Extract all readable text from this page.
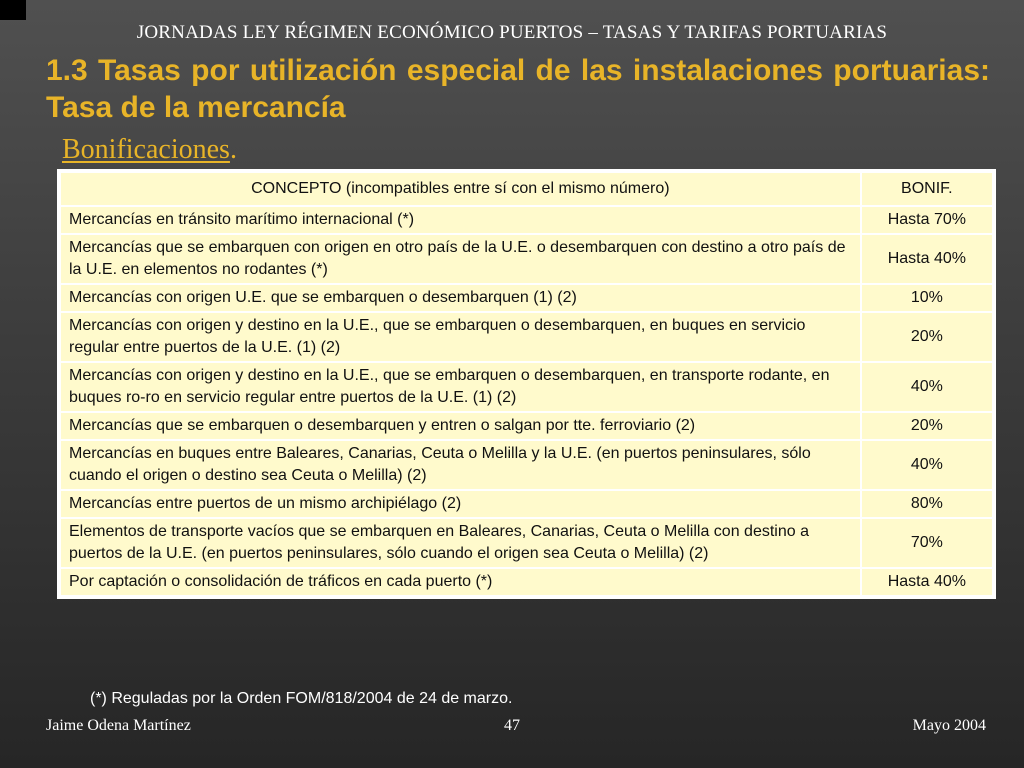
JORNADAS LEY RÉGIMEN ECONÓMICO PUERTOS – TASAS Y TARIFAS PORTUARIAS
1.3 Tasas por utilización especial de las instalaciones portuarias: Tasa de la mercancía
Bonificaciones.
CONCEPTO (incompatibles entre sí con el mismo número)	BONIF.
Mercancías en tránsito marítimo internacional (*)	Hasta 70%
Mercancías que se embarquen con origen en otro país de la U.E. o desembarquen con destino a otro país de la U.E. en elementos no rodantes (*)	Hasta 40%
Mercancías con origen U.E. que se embarquen o desembarquen (1) (2)	10%
Mercancías con origen y destino en la U.E., que se embarquen o desembarquen, en buques en servicio regular entre puertos de la U.E. (1) (2)	20%
Mercancías con origen y destino en la U.E., que se embarquen o desembarquen, en transporte rodante, en buques ro-ro en servicio regular entre puertos de la U.E. (1) (2)	40%
Mercancías que se embarquen o desembarquen y entren o salgan por tte. ferroviario (2)	20%
Mercancías en buques entre Baleares, Canarias, Ceuta o Melilla y la U.E. (en puertos peninsulares, sólo cuando el origen o destino sea Ceuta o Melilla) (2)	40%
Mercancías entre puertos de un mismo archipiélago (2)	80%
Elementos de transporte vacíos que se embarquen en Baleares, Canarias, Ceuta o Melilla con destino a puertos de la U.E. (en puertos peninsulares, sólo cuando el origen sea Ceuta o Melilla) (2)	70%
Por captación o consolidación de tráficos en cada puerto (*)	Hasta 40%
(*) Reguladas por la Orden FOM/818/2004 de 24 de marzo.
Jaime Odena Martínez	47	Mayo 2004
